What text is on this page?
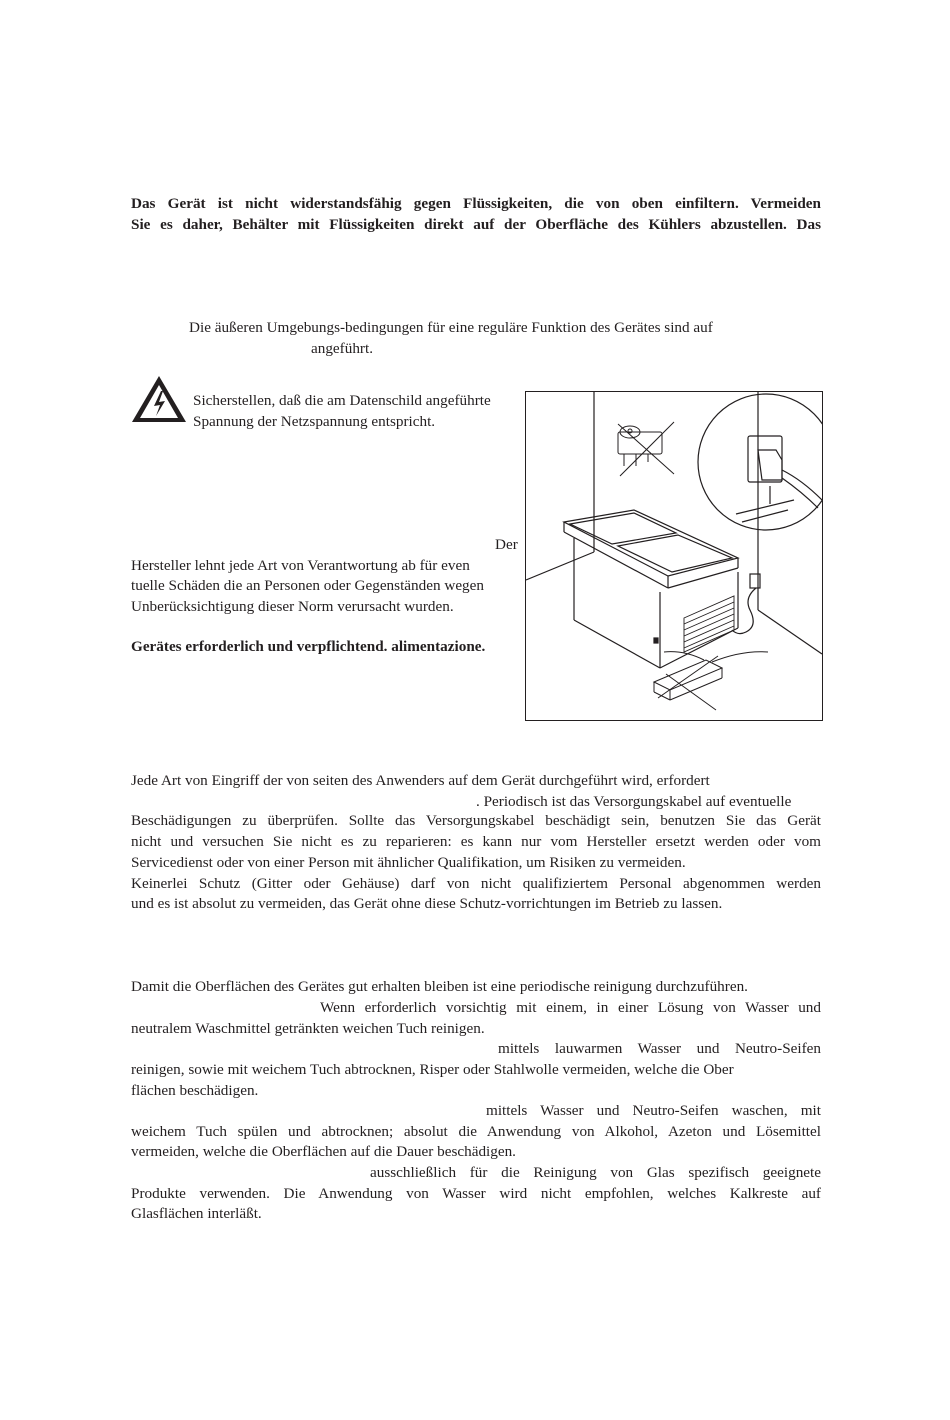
Das Gerät ist nicht widerstandsfähig gegen Flüssigkeiten, die von oben einfiltern. Vermeiden
Sie es daher, Behälter mit Flüssigkeiten direkt auf der Oberfläche des Kühlers abzustellen. Das
Die äußeren Umgebungs-bedingungen für eine reguläre Funktion des Gerätes sind auf
angeführt.
Sicherstellen, daß die am Datenschild angeführte
Spannung der Netzspannung entspricht.
Der
Hersteller lehnt jede Art von Verantwortung ab für even
tuelle Schäden die an Personen oder Gegenständen wegen
Unberücksichtigung dieser Norm verursacht wurden.
Gerätes erforderlich und verpflichtend. alimentazione.
Jede Art von Eingriff der von seiten des Anwenders auf dem Gerät durchgeführt wird, erfordert
. Periodisch ist das Versorgungskabel auf eventuelle
Beschädigungen zu überprüfen. Sollte das Versorgungskabel beschädigt sein, benutzen Sie das Gerät
nicht und versuchen Sie nicht es zu reparieren: es kann nur vom Hersteller ersetzt werden oder vom
Servicedienst oder von einer Person mit ähnlicher Qualifikation, um Risiken zu vermeiden.
Keinerlei Schutz (Gitter oder Gehäuse) darf von nicht qualifiziertem Personal abgenommen werden
und es ist absolut zu vermeiden, das Gerät ohne diese Schutz-vorrichtungen im Betrieb zu lassen.
Damit die Oberflächen des Gerätes gut erhalten bleiben ist eine periodische reinigung durchzuführen.
Wenn erforderlich vorsichtig mit einem, in einer Lösung von Wasser und
neutralem Waschmittel getränkten weichen Tuch reinigen.
mittels lauwarmen Wasser und Neutro-Seifen
reinigen, sowie mit weichem Tuch abtrocknen, Risper oder Stahlwolle vermeiden, welche die Ober
flächen beschädigen.
mittels Wasser und Neutro-Seifen waschen, mit
weichem Tuch spülen und abtrocknen; absolut die Anwendung von Alkohol, Azeton und Lösemittel
vermeiden, welche die Oberflächen auf die Dauer beschädigen.
ausschließlich für die Reinigung von Glas spezifisch geeignete
Produkte verwenden. Die Anwendung von Wasser wird nicht empfohlen, welches Kalkreste auf
Glasflächen interläßt.
